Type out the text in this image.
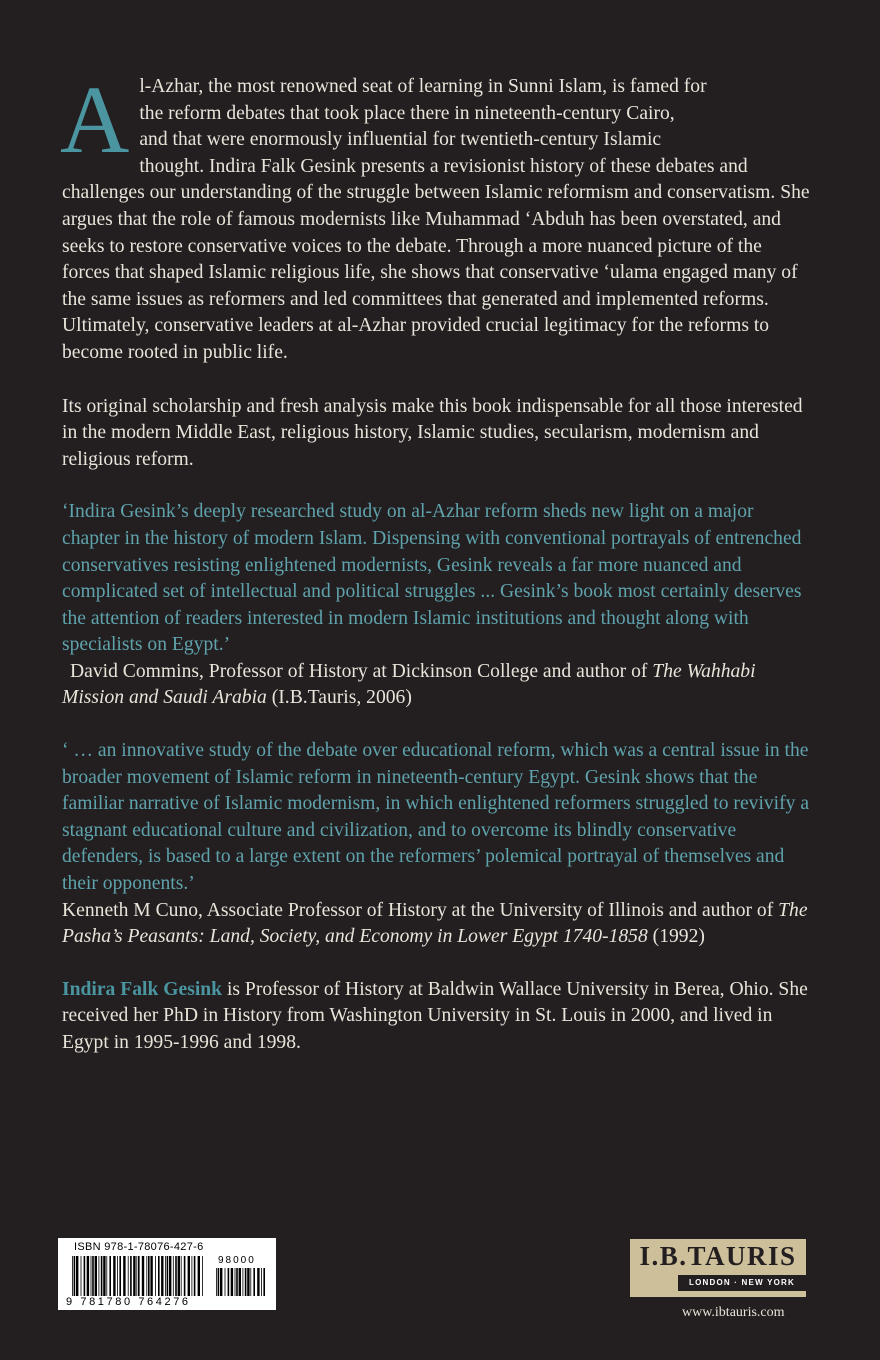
A l-Azhar, the most renowned seat of learning in Sunni Islam, is famed for
the reform debates that took place there in nineteenth-century Cairo,
and that were enormously influential for twentieth-century Islamic
thought. Indira Falk Gesink presents a revisionist history of these debates and challenges our understanding of the struggle between Islamic reformism and conservatism. She argues that the role of famous modernists like Muhammad ‘Abduh has been overstated, and seeks to restore conservative voices to the debate. Through a more nuanced picture of the forces that shaped Islamic religious life, she shows that conservative ‘ulama engaged many of the same issues as reformers and led committees that generated and implemented reforms. Ultimately, conservative leaders at al-Azhar provided crucial legitimacy for the reforms to become rooted in public life.

Its original scholarship and fresh analysis make this book indispensable for all those interested in the modern Middle East, religious history, Islamic studies, secularism, modernism and religious reform.

‘Indira Gesink’s deeply researched study on al-Azhar reform sheds new light on a major chapter in the history of modern Islam. Dispensing with conventional portrayals of entrenched conservatives resisting enlightened modernists, Gesink reveals a far more nuanced and complicated set of intellectual and political struggles ... Gesink’s book most certainly deserves the attention of readers interested in modern Islamic institutions and thought along with specialists on Egypt.’

David Commins, Professor of History at Dickinson College and author of The Wahhabi Mission and Saudi Arabia (I.B.Tauris, 2006)

‘ … an innovative study of the debate over educational reform, which was a central issue in the broader movement of Islamic reform in nineteenth-century Egypt. Gesink shows that the familiar narrative of Islamic modernism, in which enlightened reformers struggled to revivify a stagnant educational culture and civilization, and to overcome its blindly conservative defenders, is based to a large extent on the reformers’ polemical portrayal of themselves and their opponents.’

Kenneth M Cuno, Associate Professor of History at the University of Illinois and author of The Pasha’s Peasants: Land, Society, and Economy in Lower Egypt 1740-1858 (1992)

Indira Falk Gesink is Professor of History at Baldwin Wallace University in Berea, Ohio. She received her PhD in History from Washington University in St. Louis in 2000, and lived in Egypt in 1995-1996 and 1998.

ISBN 978-1-78076-427-6
98000
9 781780 764276
I.B.TAURIS
LONDON · NEW YORK
www.ibtauris.com
